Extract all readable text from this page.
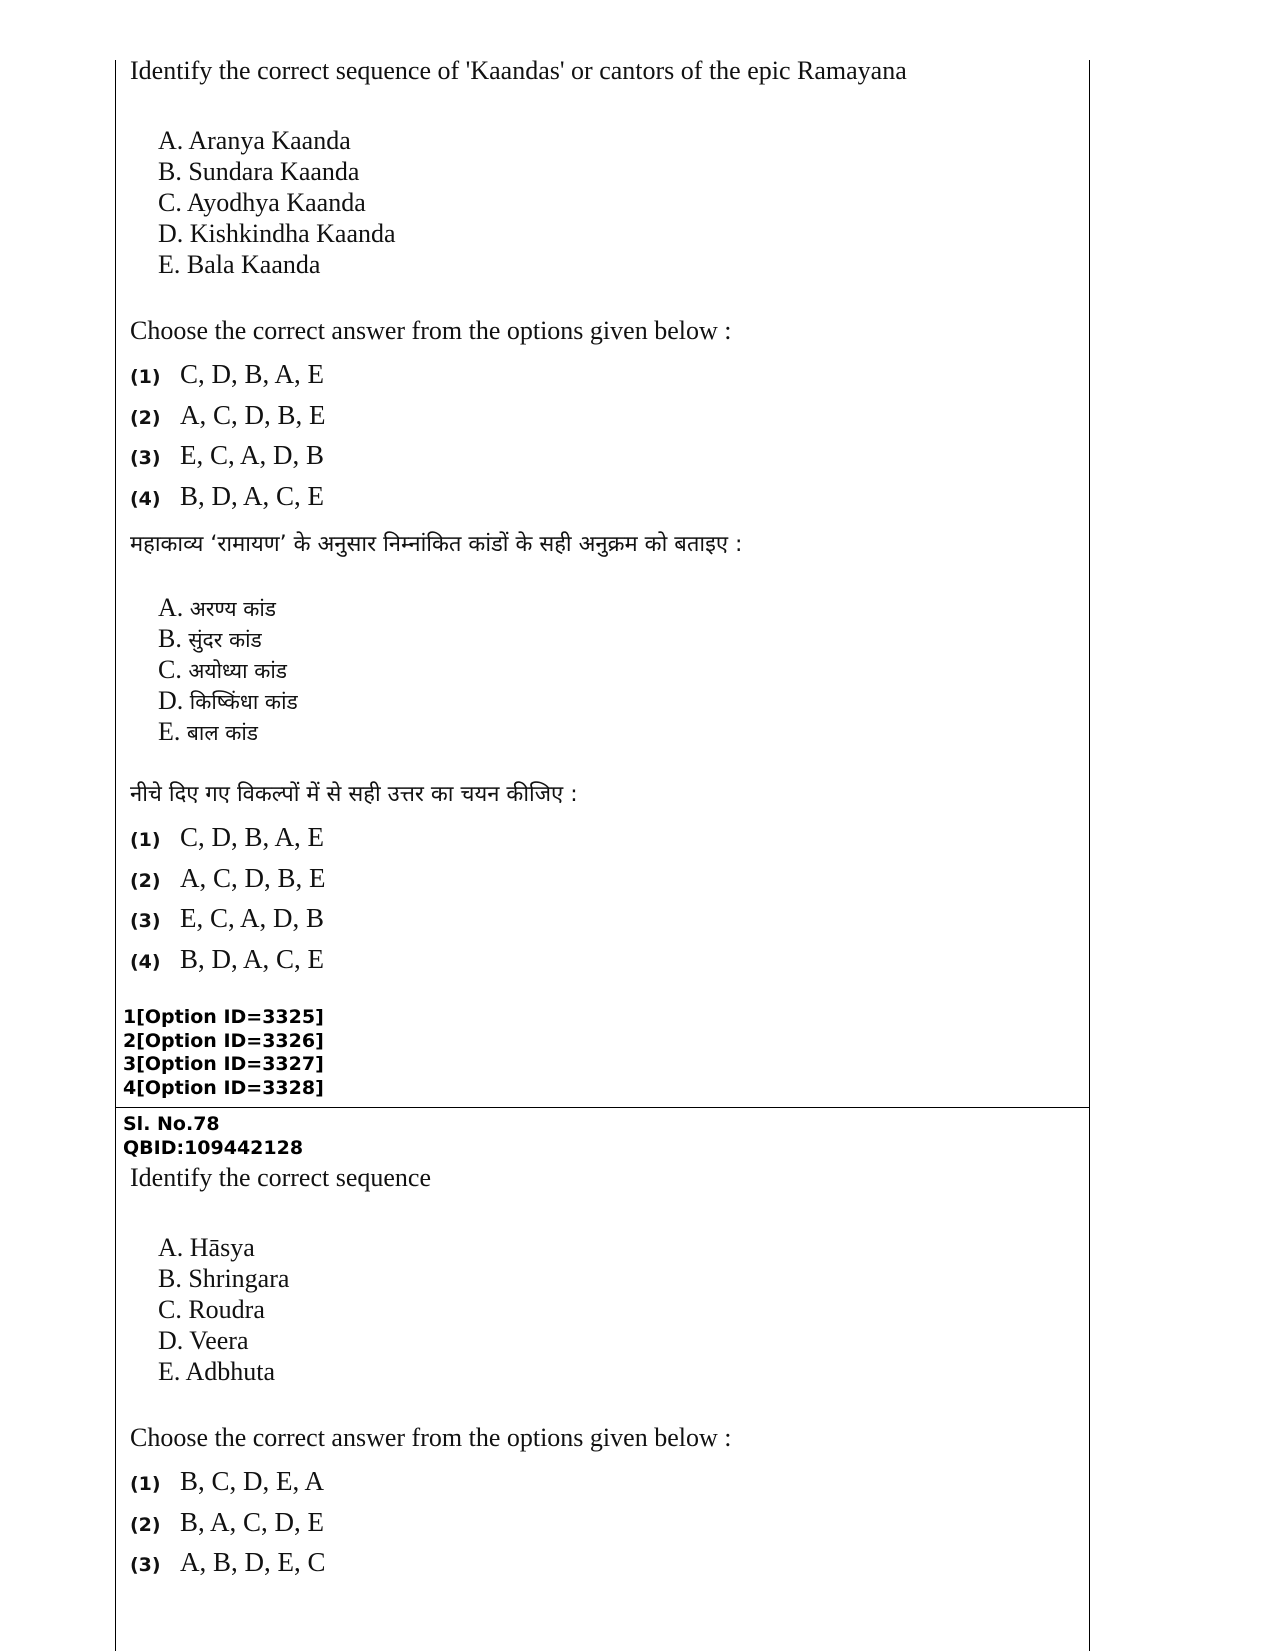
Identify the correct sequence of 'Kaandas' or cantors of the epic Ramayana
A. Aranya Kaanda
B. Sundara Kaanda
C. Ayodhya Kaanda
D. Kishkindha Kaanda
E. Bala Kaanda
Choose the correct answer from the options given below :
(1) C, D, B, A, E
(2) A, C, D, B, E
(3) E, C, A, D, B
(4) B, D, A, C, E
महाकाव्य ‘रामायण’ के अनुसार निम्नांकित कांडों के सही अनुक्रम को बताइए :
A. अरण्य कांड
B. सुंदर कांड
C. अयोध्या कांड
D. किष्किंधा कांड
E. बाल कांड
नीचे दिए गए विकल्पों में से सही उत्तर का चयन कीजिए :
(1) C, D, B, A, E
(2) A, C, D, B, E
(3) E, C, A, D, B
(4) B, D, A, C, E
1[Option ID=3325]
2[Option ID=3326]
3[Option ID=3327]
4[Option ID=3328]
Sl. No.78
QBID:109442128
Identify the correct sequence
A. Hāsya
B. Shringara
C. Roudra
D. Veera
E. Adbhuta
Choose the correct answer from the options given below :
(1) B, C, D, E, A
(2) B, A, C, D, E
(3) A, B, D, E, C
